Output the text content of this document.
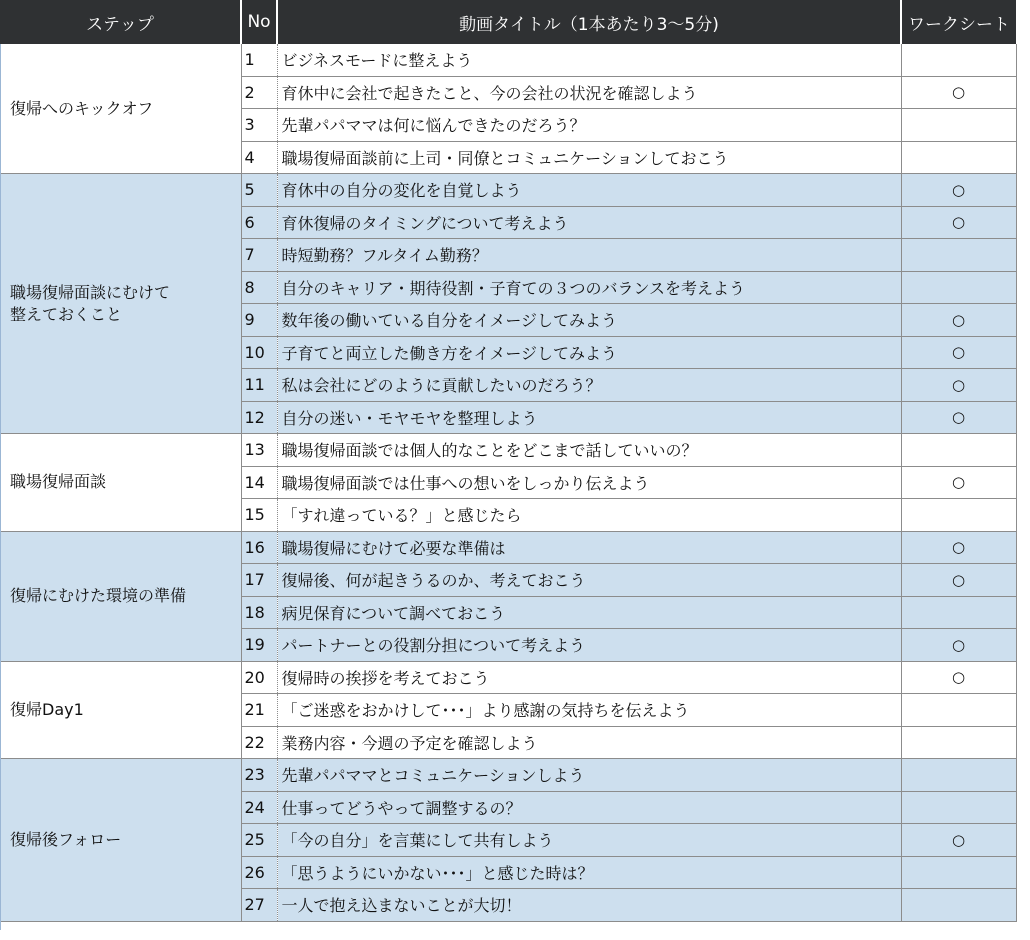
ステップ	No	動画タイトル（1本あたり3～5分)	ワークシート
復帰へのキックオフ	1	ビジネスモードに整えよう	
	2	育休中に会社で起きたこと、今の会社の状況を確認しよう	○
	3	先輩パパママは何に悩んできたのだろう？	
	4	職場復帰面談前に上司・同僚とコミュニケーションしておこう	
職場復帰面談にむけて
整えておくこと	5	育休中の自分の変化を自覚しよう	○
	6	育休復帰のタイミングについて考えよう	○
	7	時短勤務？フルタイム勤務？	
	8	自分のキャリア・期待役割・子育ての３つのバランスを考えよう	
	9	数年後の働いている自分をイメージしてみよう	○
	10	子育てと両立した働き方をイメージしてみよう	○
	11	私は会社にどのように貢献したいのだろう？	○
	12	自分の迷い・モヤモヤを整理しよう	○
職場復帰面談	13	職場復帰面談では個人的なことをどこまで話していいの？	
	14	職場復帰面談では仕事への想いをしっかり伝えよう	○
	15	「すれ違っている？」と感じたら	
復帰にむけた環境の準備	16	職場復帰にむけて必要な準備は	○
	17	復帰後、何が起きうるのか、考えておこう	○
	18	病児保育について調べておこう	
	19	パートナーとの役割分担について考えよう	○
復帰Day1	20	復帰時の挨拶を考えておこう	○
	21	「ご迷惑をおかけして･･･」より感謝の気持ちを伝えよう	
	22	業務内容・今週の予定を確認しよう	
復帰後フォロー	23	先輩パパママとコミュニケーションしよう	
	24	仕事ってどうやって調整するの？	
	25	「今の自分」を言葉にして共有しよう	○
	26	「思うようにいかない･･･」と感じた時は？	
	27	一人で抱え込まないことが大切！	
